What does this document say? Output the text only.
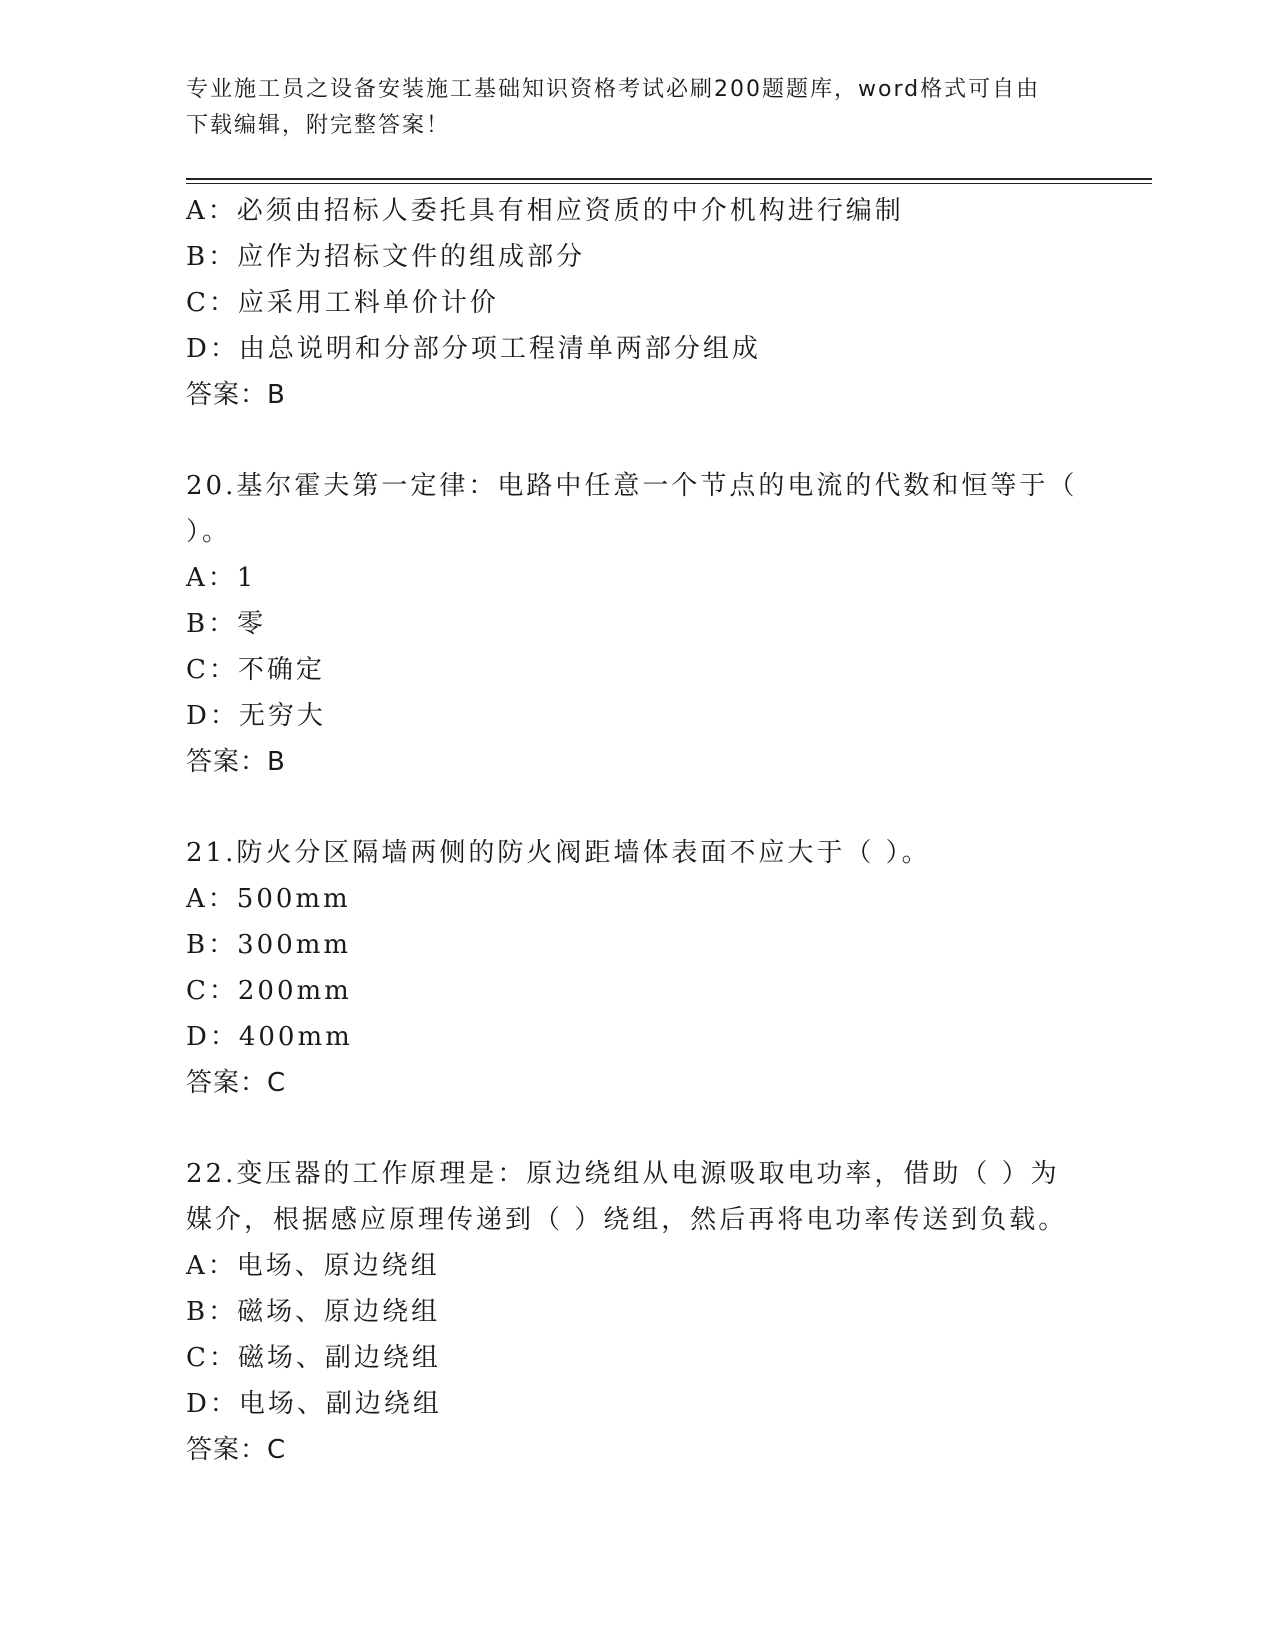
专业施工员之设备安装施工基础知识资格考试必刷200题题库，word格式可自由
下载编辑，附完整答案！
A：必须由招标人委托具有相应资质的中介机构进行编制
B：应作为招标文件的组成部分
C：应采用工料单价计价
D：由总说明和分部分项工程清单两部分组成
答案：B
20.基尔霍夫第一定律：电路中任意一个节点的电流的代数和恒等于（
）。
A：1
B：零
C：不确定
D：无穷大
答案：B
21.防火分区隔墙两侧的防火阀距墙体表面不应大于（ ）。
A：500mm
B：300mm
C：200mm
D：400mm
答案：C
22.变压器的工作原理是：原边绕组从电源吸取电功率，借助（ ）为
媒介，根据感应原理传递到（ ）绕组，然后再将电功率传送到负载。
A：电场、原边绕组
B：磁场、原边绕组
C：磁场、副边绕组
D：电场、副边绕组
答案：C
